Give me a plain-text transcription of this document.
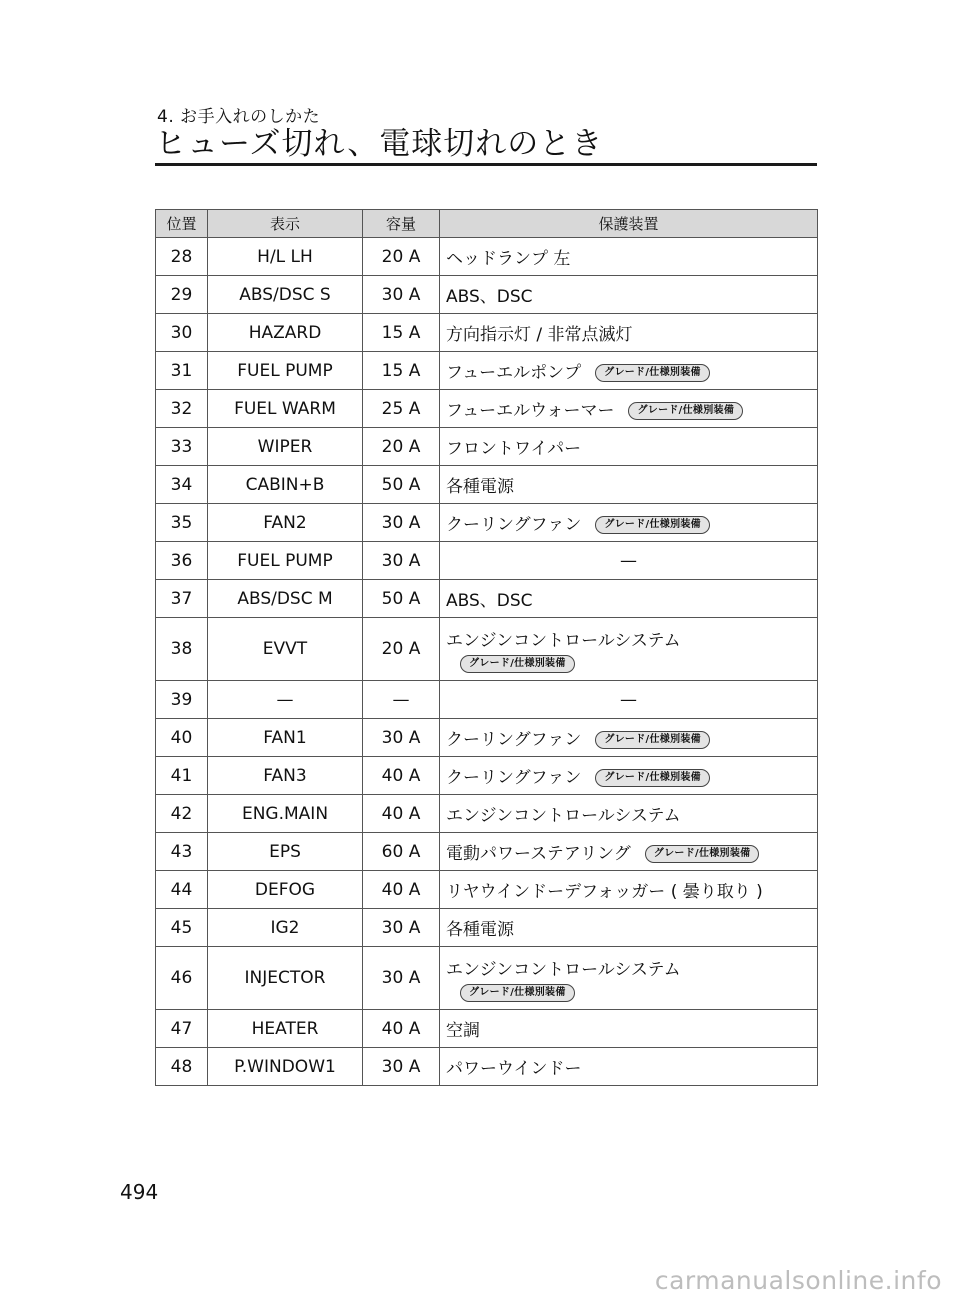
4. お手入れのしかた
ヒューズ切れ、電球切れのとき
位置	表示	容量	保護装置
28	H/L LH	20 A	ヘッドランプ 左
29	ABS/DSC S	30 A	ABS、DSC
30	HAZARD	15 A	方向指示灯 / 非常点滅灯
31	FUEL PUMP	15 A	フューエルポンプ グレード/仕様別装備
32	FUEL WARM	25 A	フューエルウォーマー グレード/仕様別装備
33	WIPER	20 A	フロントワイパー
34	CABIN+B	50 A	各種電源
35	FAN2	30 A	クーリングファン グレード/仕様別装備
36	FUEL PUMP	30 A	—
37	ABS/DSC M	50 A	ABS、DSC
38	EVVT	20 A	エンジンコントロールシステム
グレード/仕様別装備

39	—	—	—
40	FAN1	30 A	クーリングファン グレード/仕様別装備
41	FAN3	40 A	クーリングファン グレード/仕様別装備
42	ENG.MAIN	40 A	エンジンコントロールシステム
43	EPS	60 A	電動パワーステアリング グレード/仕様別装備
44	DEFOG	40 A	リヤウインドーデフォッガー ( 曇り取り )
45	IG2	30 A	各種電源
46	INJECTOR	30 A	エンジンコントロールシステム
グレード/仕様別装備

47	HEATER	40 A	空調
48	P.WINDOW1	30 A	パワーウインドー
494
carmanualsonline.info
